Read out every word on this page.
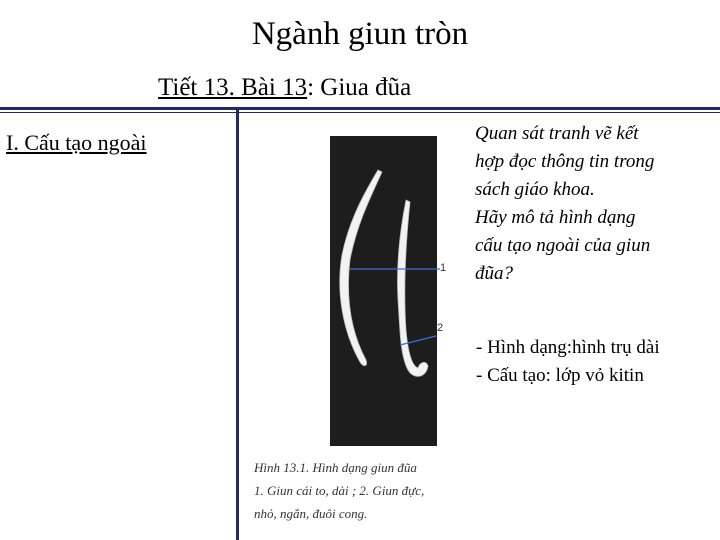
Ngành giun tròn
Tiết 13. Bài 13: Giua đũa
I. Cấu tạo ngoài
1
2
Hình 13.1. Hình dạng giun đũa
1. Giun cái to, dài ; 2. Giun đực,
nhỏ, ngắn, đuôi cong.
Quan sát tranh vẽ kết
hợp đọc thông tin trong
sách giáo khoa.
Hãy mô tả hình dạng
cấu tạo ngoài của giun
đũa?
- Hình dạng:hình trụ dài
- Cấu tạo: lớp vỏ kitin
